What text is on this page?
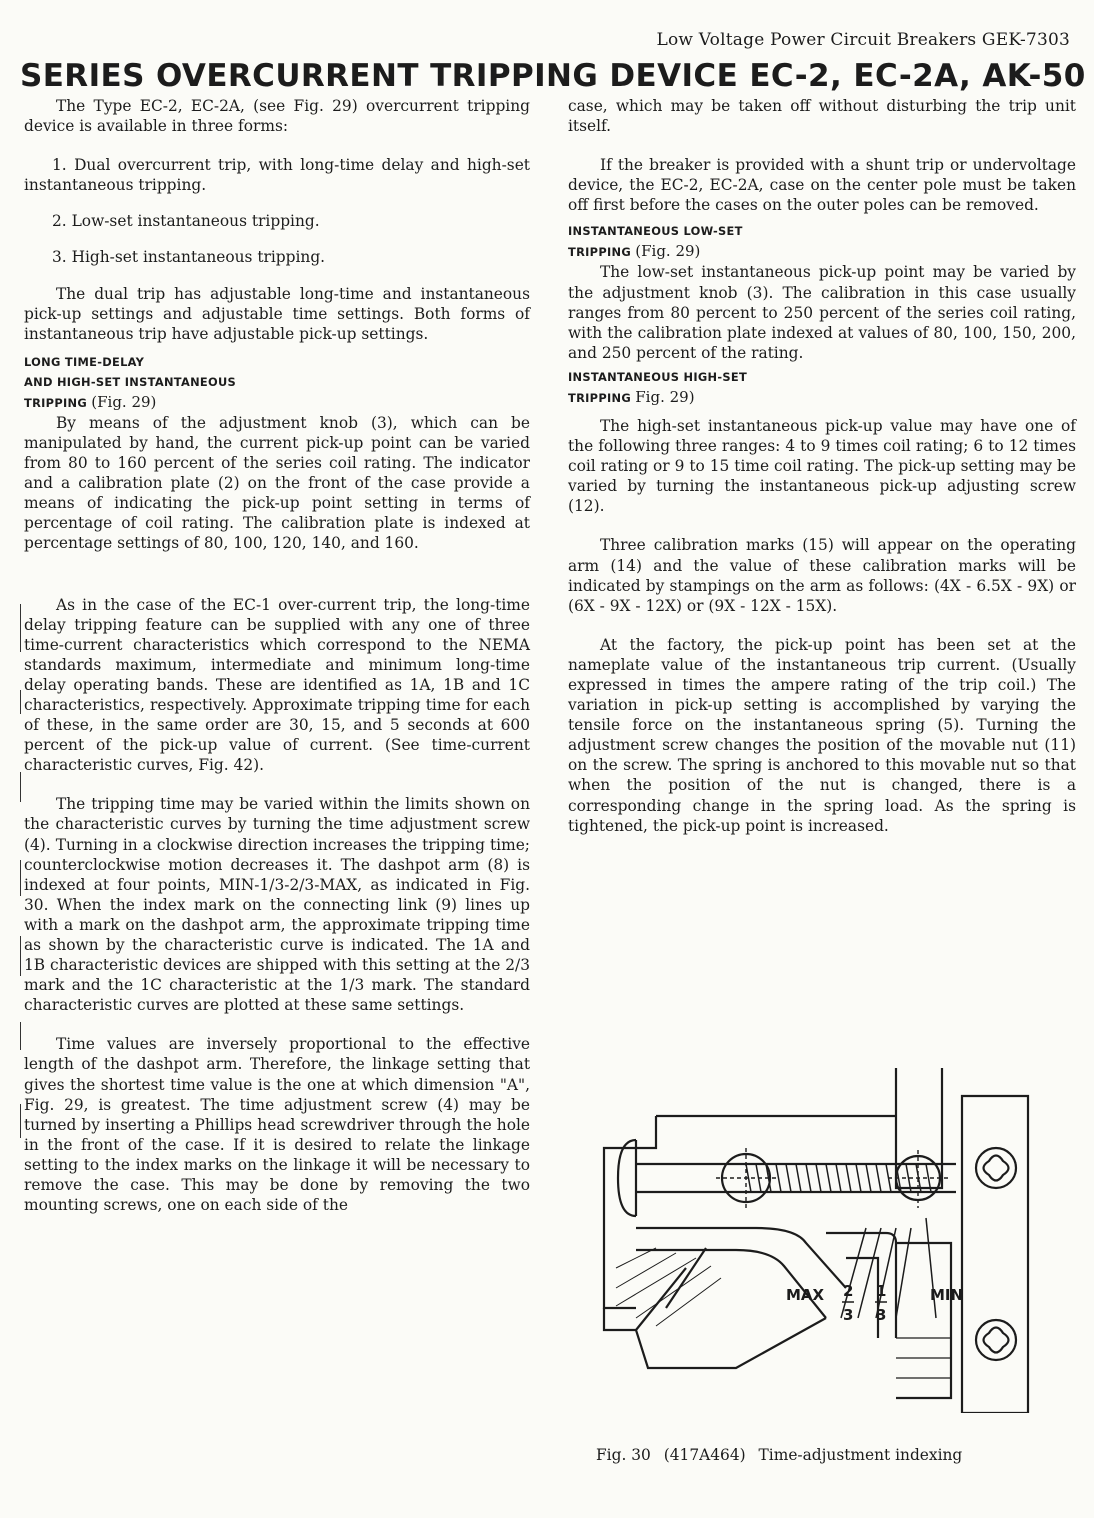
Low Voltage Power Circuit Breakers GEK-7303
SERIES OVERCURRENT TRIPPING DEVICE EC-2, EC-2A, AK-50

The Type EC-2, EC-2A, (see Fig. 29) overcurrent tripping device is available in three forms:

1. Dual overcurrent trip, with long-time delay and high-set instantaneous tripping.

2. Low-set instantaneous tripping.

3. High-set instantaneous tripping.

The dual trip has adjustable long-time and instantaneous pick-up settings and adjustable time settings. Both forms of instantaneous trip have adjustable pick-up settings.

LONG TIME-DELAY
AND HIGH-SET INSTANTANEOUS
TRIPPING (Fig. 29)

By means of the adjustment knob (3), which can be manipulated by hand, the current pick-up point can be varied from 80 to 160 percent of the series coil rating. The indicator and a calibration plate (2) on the front of the case provide a means of indicating the pick-up point setting in terms of percentage of coil rating. The calibration plate is indexed at percentage settings of 80, 100, 120, 140, and 160.

As in the case of the EC-1 over-current trip, the long-time delay tripping feature can be supplied with any one of three time-current characteristics which correspond to the NEMA standards maximum, intermediate and minimum long-time delay operating bands. These are identified as 1A, 1B and 1C characteristics, respectively. Approximate tripping time for each of these, in the same order are 30, 15, and 5 seconds at 600 percent of the pick-up value of current. (See time-current characteristic curves, Fig. 42).

The tripping time may be varied within the limits shown on the characteristic curves by turning the time adjustment screw (4). Turning in a clockwise direction increases the tripping time; counterclockwise motion decreases it. The dashpot arm (8) is indexed at four points, MIN-1/3-2/3-MAX, as indicated in Fig. 30. When the index mark on the connecting link (9) lines up with a mark on the dashpot arm, the approximate tripping time as shown by the characteristic curve is indicated. The 1A and 1B characteristic devices are shipped with this setting at the 2/3 mark and the 1C characteristic at the 1/3 mark. The standard characteristic curves are plotted at these same settings.

Time values are inversely proportional to the effective length of the dashpot arm. Therefore, the linkage setting that gives the shortest time value is the one at which dimension "A", Fig. 29, is greatest. The time adjustment screw (4) may be turned by inserting a Phillips head screwdriver through the hole in the front of the case. If it is desired to relate the linkage setting to the index marks on the linkage it will be necessary to remove the case. This may be done by removing the two mounting screws, one on each side of the

case, which may be taken off without disturbing the trip unit itself.

If the breaker is provided with a shunt trip or undervoltage device, the EC-2, EC-2A, case on the center pole must be taken off first before the cases on the outer poles can be removed.

INSTANTANEOUS LOW-SET
TRIPPING (Fig. 29)

The low-set instantaneous pick-up point may be varied by the adjustment knob (3). The calibration in this case usually ranges from 80 percent to 250 percent of the series coil rating, with the calibration plate indexed at values of 80, 100, 150, 200, and 250 percent of the rating.

INSTANTANEOUS HIGH-SET
TRIPPING Fig. 29)

The high-set instantaneous pick-up value may have one of the following three ranges: 4 to 9 times coil rating; 6 to 12 times coil rating or 9 to 15 time coil rating. The pick-up setting may be varied by turning the instantaneous pick-up adjusting screw (12).

Three calibration marks (15) will appear on the operating arm (14) and the value of these calibration marks will be indicated by stampings on the arm as follows: (4X - 6.5X - 9X) or (6X - 9X - 12X) or (9X - 12X - 15X).

At the factory, the pick-up point has been set at the nameplate value of the instantaneous trip current. (Usually expressed in times the ampere rating of the trip coil.) The variation in pick-up setting is accomplished by varying the tensile force on the instantaneous spring (5). Turning the adjustment screw changes the position of the movable nut (11) on the screw. The spring is anchored to this movable nut so that when the position of the nut is changed, there is a corresponding change in the spring load. As the spring is tightened, the pick-up point is increased.

MAX 2
3
1
3
MIN
Fig. 30 (417A464) Time-adjustment indexing
